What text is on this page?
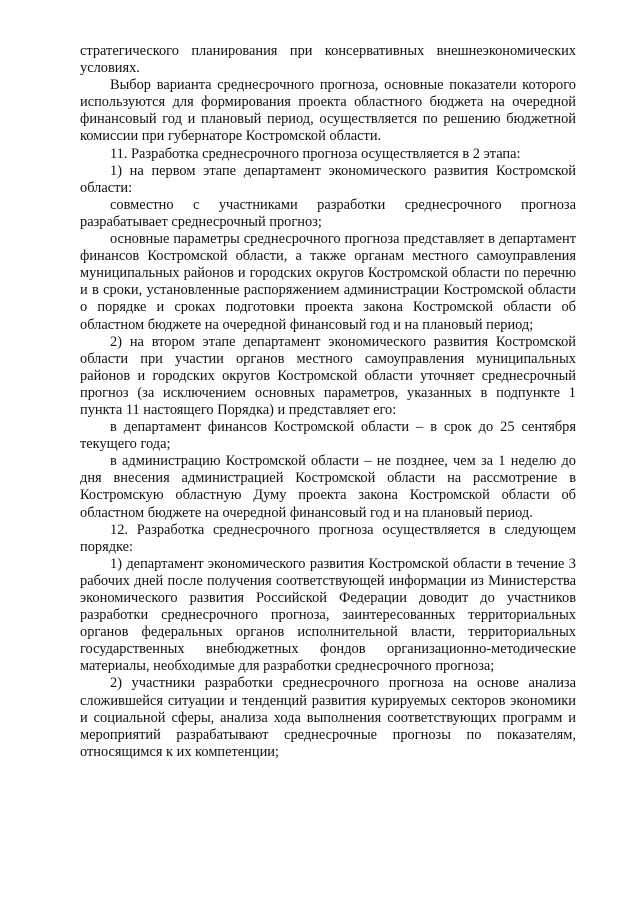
стратегического планирования при консервативных внешнеэкономических условиях.

Выбор варианта среднесрочного прогноза, основные показатели которого используются для формирования проекта областного бюджета на очередной финансовый год и плановый период, осуществляется по решению бюджетной комиссии при губернаторе Костромской области.

11. Разработка среднесрочного прогноза осуществляется в 2 этапа:

1) на первом этапе департамент экономического развития Костромской области:

совместно с участниками разработки среднесрочного прогноза разрабатывает среднесрочный прогноз;

основные параметры среднесрочного прогноза представляет в департамент финансов Костромской области, а также органам местного самоуправления муниципальных районов и городских округов Костромской области по перечню и в сроки, установленные распоряжением администрации Костромской области о порядке и сроках подготовки проекта закона Костромской области об областном бюджете на очередной финансовый год и на плановый период;

2) на втором этапе департамент экономического развития Костромской области при участии органов местного самоуправления муниципальных районов и городских округов Костромской области уточняет среднесрочный прогноз (за исключением основных параметров, указанных в подпункте 1 пункта 11 настоящего Порядка) и представляет его:

в департамент финансов Костромской области – в срок до 25 сентября текущего года;

в администрацию Костромской области – не позднее, чем за 1 неделю до дня внесения администрацией Костромской области на рассмотрение в Костромскую областную Думу проекта закона Костромской области об областном бюджете на очередной финансовый год и на плановый период.

12. Разработка среднесрочного прогноза осуществляется в следующем порядке:

1) департамент экономического развития Костромской области в течение 3 рабочих дней после получения соответствующей информации из Министерства экономического развития Российской Федерации доводит до участников разработки среднесрочного прогноза, заинтересованных территориальных органов федеральных органов исполнительной власти, территориальных государственных внебюджетных фондов организационно-методические материалы, необходимые для разработки среднесрочного прогноза;

2) участники разработки среднесрочного прогноза на основе анализа сложившейся ситуации и тенденций развития курируемых секторов экономики и социальной сферы, анализа хода выполнения соответствующих программ и мероприятий разрабатывают среднесрочные прогнозы по показателям, относящимся к их компетенции;
